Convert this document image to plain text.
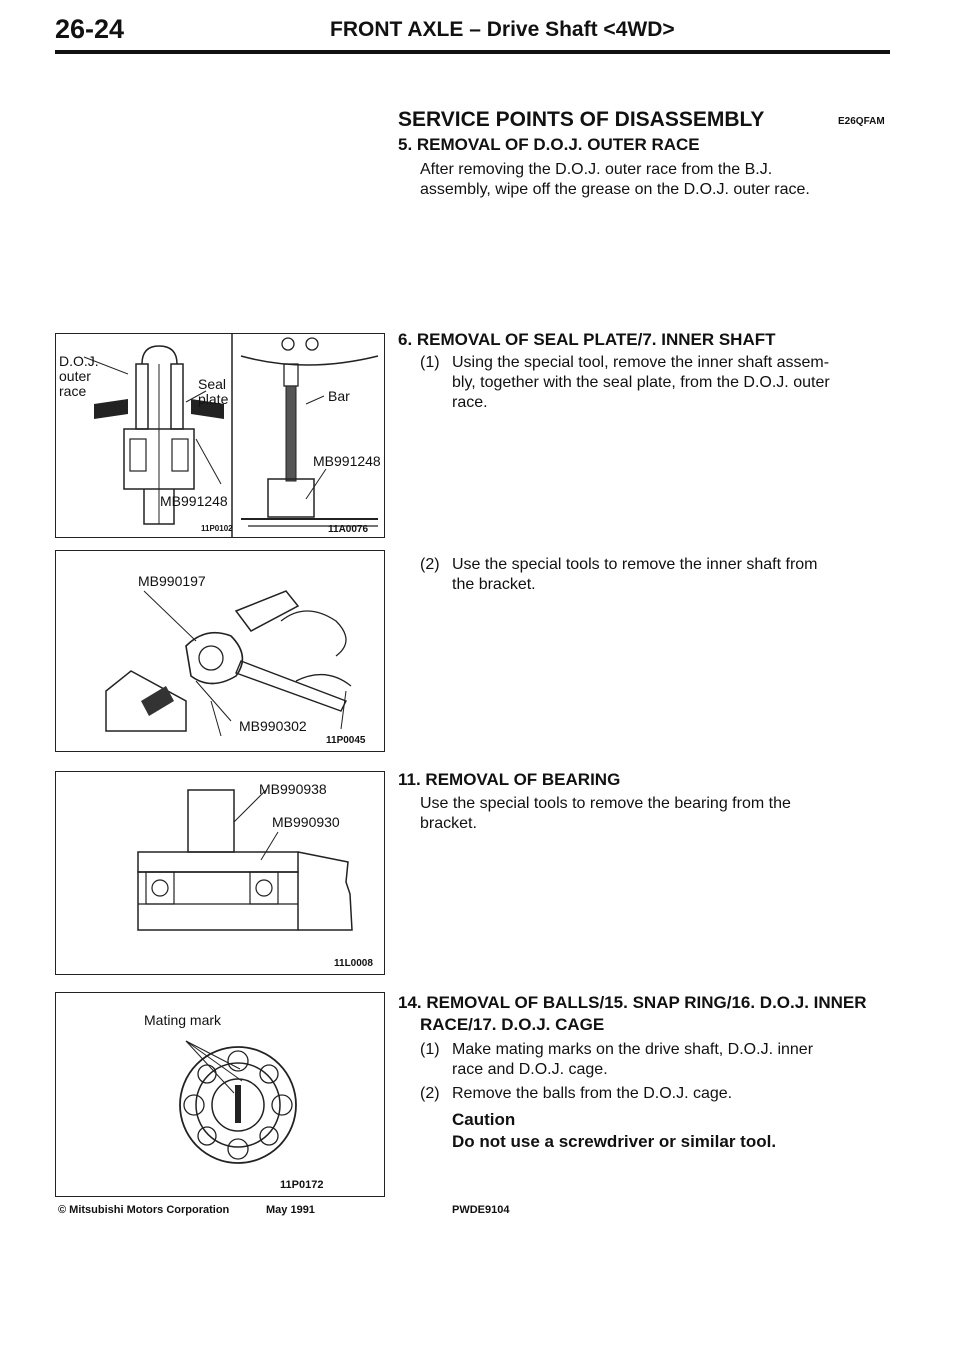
26-24	FRONT AXLE – Drive Shaft <4WD>
SERVICE POINTS OF DISASSEMBLY	E26QFAM
5. REMOVAL OF D.O.J. OUTER RACE
After removing the D.O.J. outer race from the B.J.
assembly, wipe off the grease on the D.O.J. outer race.
6. REMOVAL OF SEAL PLATE/7. INNER SHAFT
(1) Using the special tool, remove the inner shaft assem-
bly, together with the seal plate, from the D.O.J. outer
race.
(2) Use the special tools to remove the inner shaft from
the bracket.
11. REMOVAL OF BEARING
Use the special tools to remove the bearing from the
bracket.
14. REMOVAL OF BALLS/15. SNAP RING/16. D.O.J. INNER
RACE/17. D.O.J. CAGE
(1) Make mating marks on the drive shaft, D.O.J. inner
race and D.O.J. cage.
(2) Remove the balls from the D.O.J. cage.
Caution
Do not use a screwdriver or similar tool.
D.O.J.
outer
race	Seal
plate
MB991248
11P0102
Bar
MB991248
11A0076
MB990197
MB990302
11P0045
MB990938
MB990930
11L0008
Mating mark
11P0172
© Mitsubishi Motors Corporation	May 1991	PWDE9104
